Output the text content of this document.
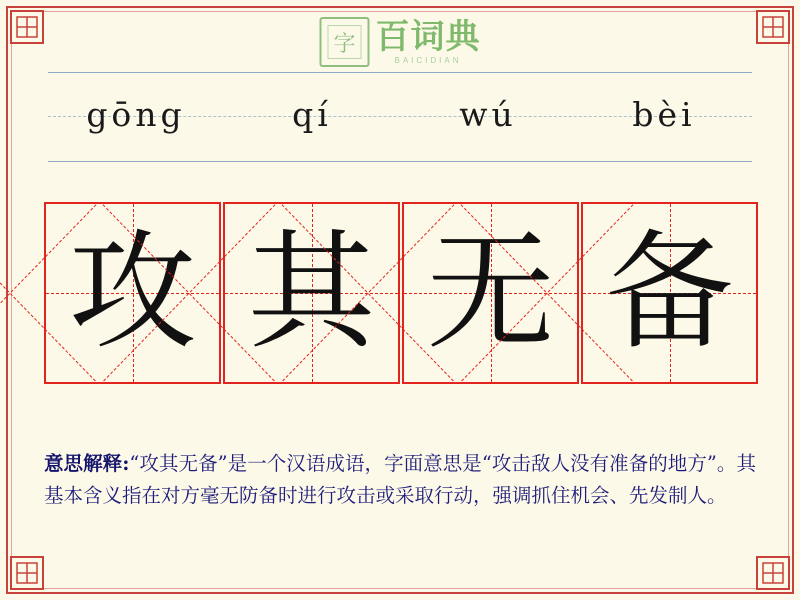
字 百词典
BAICIDIAN
gōng	qí	wú	bèi
攻 其 无 备
意思解释:“攻其无备”是一个汉语成语，字面意思是“攻击敌人没有准备的地方”。其基本含义指在对方毫无防备时进行攻击或采取行动，强调抓住机会、先发制人。
